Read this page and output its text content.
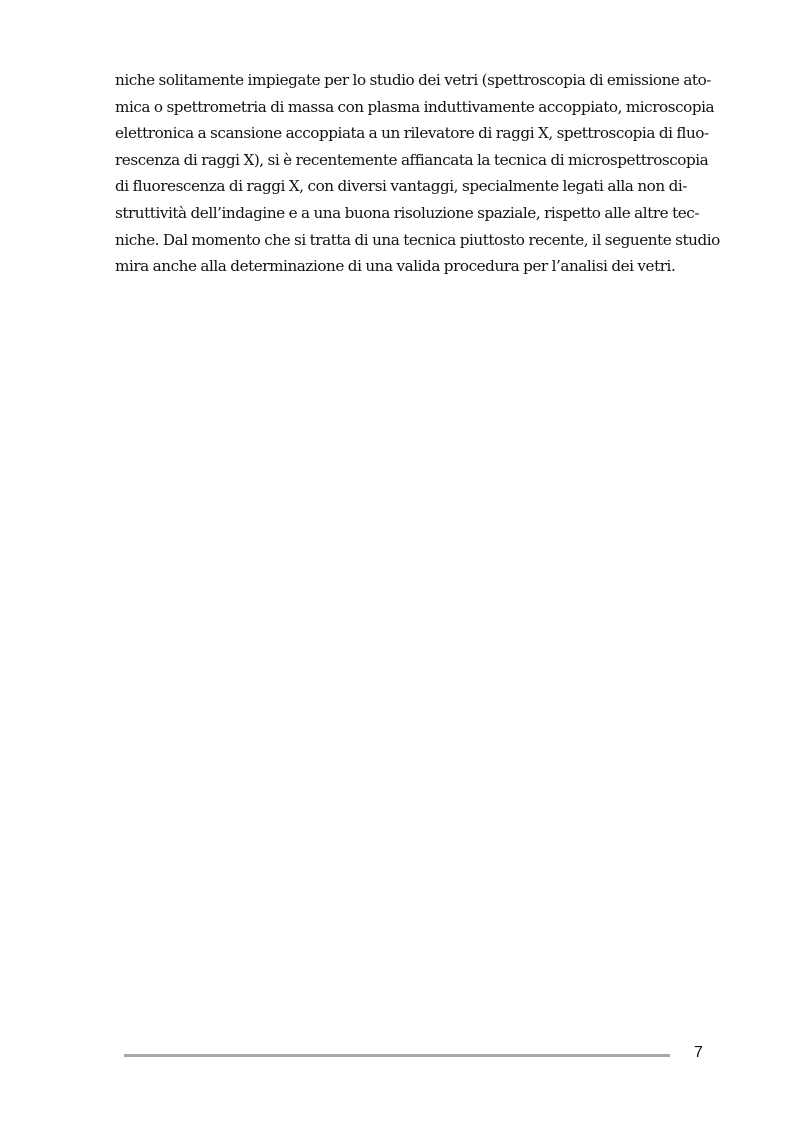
niche solitamente impiegate per lo studio dei vetri (spettroscopia di emissione ato-
mica o spettrometria di massa con plasma induttivamente accoppiato, microscopia
elettronica a scansione accoppiata a un rilevatore di raggi X, spettroscopia di fluo-
rescenza di raggi X), si è recentemente affiancata la tecnica di microspettroscopia
di fluorescenza di raggi X, con diversi vantaggi, specialmente legati alla non di-
struttività dell’indagine e a una buona risoluzione spaziale, rispetto alle altre tec-
niche. Dal momento che si tratta di una tecnica piuttosto recente, il seguente studio
mira anche alla determinazione di una valida procedura per l’analisi dei vetri.
7
